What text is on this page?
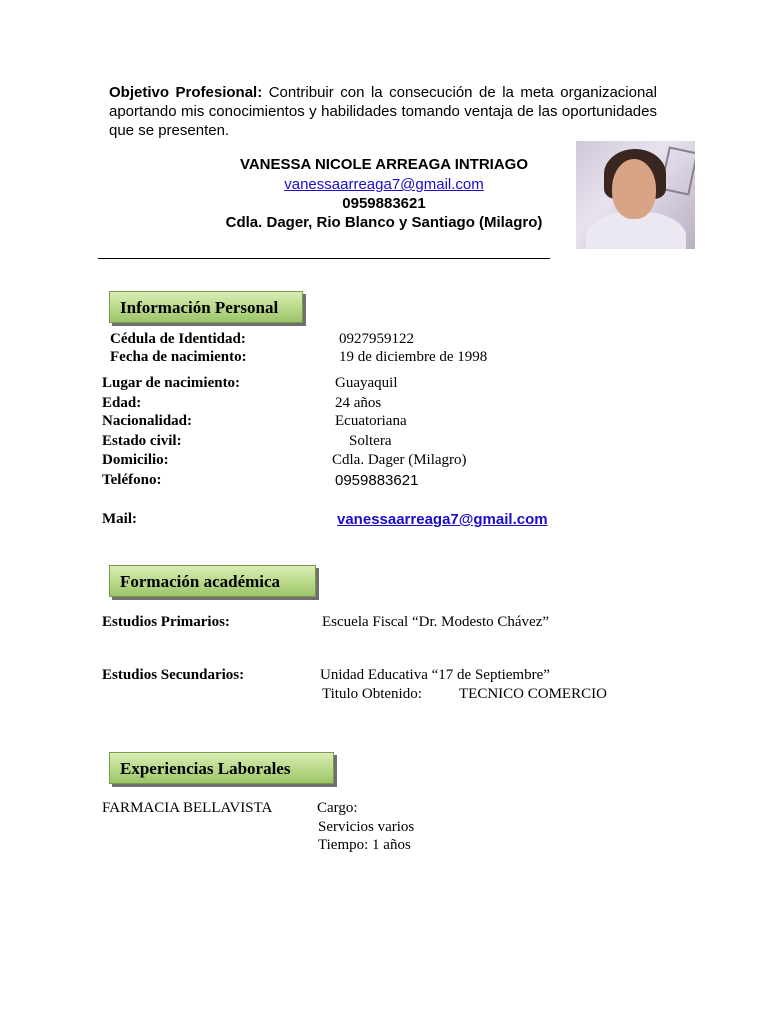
Objetivo Profesional: Contribuir con la consecución de la meta organizacional aportando mis conocimientos y habilidades tomando ventaja de las oportunidades que se presenten.
VANESSA NICOLE ARREAGA INTRIAGO
vanessaarreaga7@gmail.com
0959883621
Cdla. Dager, Rio Blanco y Santiago (Milagro)
Información Personal
Cédula de Identidad:	0927959122
Fecha de nacimiento:	19 de diciembre de 1998
Lugar de nacimiento:	Guayaquil
Edad:	24 años
Nacionalidad:	Ecuatoriana
Estado civil:	Soltera
Domicilio:	Cdla. Dager (Milagro)
Teléfono:	0959883621
Mail:	vanessaarreaga7@gmail.com
Formación académica
Estudios Primarios:	Escuela Fiscal “Dr. Modesto Chávez”
Estudios Secundarios:	Unidad Educativa “17 de Septiembre”
Titulo Obtenido: TECNICO COMERCIO
Experiencias Laborales
FARMACIA BELLAVISTA	Cargo:
Servicios varios
Tiempo: 1 años
